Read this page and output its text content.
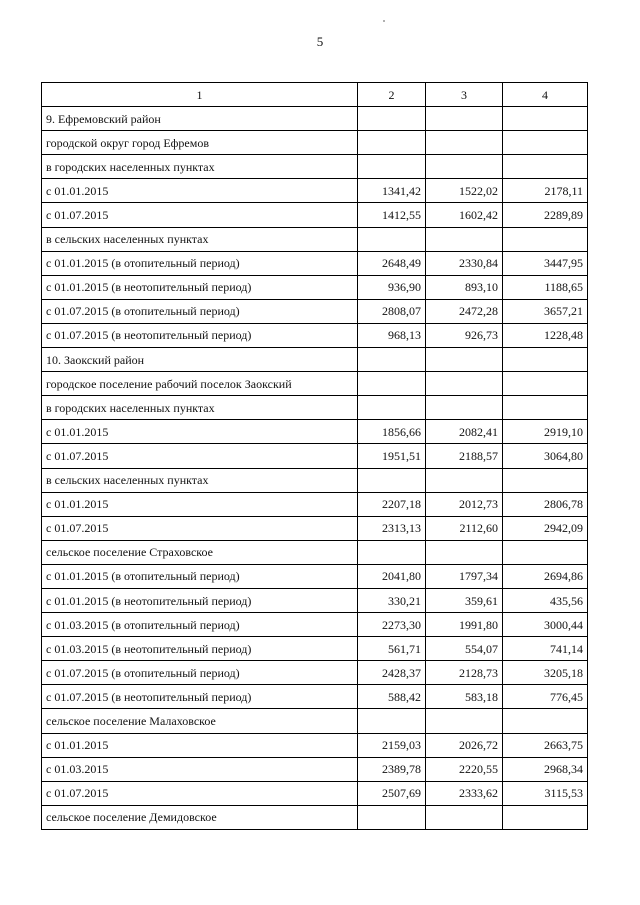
5
1	2	3	4
9. Ефремовский район			
городской округ город Ефремов			
в городских населенных пунктах			
с 01.01.2015	1341,42	1522,02	2178,11
с 01.07.2015	1412,55	1602,42	2289,89
в сельских населенных пунктах			
с 01.01.2015 (в отопительный период)	2648,49	2330,84	3447,95
с 01.01.2015 (в неотопительный период)	936,90	893,10	1188,65
с 01.07.2015 (в отопительный период)	2808,07	2472,28	3657,21
с 01.07.2015 (в неотопительный период)	968,13	926,73	1228,48
10. Заокский район			
городское поселение рабочий поселок Заокский			
в городских населенных пунктах			
с 01.01.2015	1856,66	2082,41	2919,10
с 01.07.2015	1951,51	2188,57	3064,80
в сельских населенных пунктах			
с 01.01.2015	2207,18	2012,73	2806,78
с 01.07.2015	2313,13	2112,60	2942,09
сельское поселение Страховское			
с 01.01.2015 (в отопительный период)	2041,80	1797,34	2694,86
с 01.01.2015 (в неотопительный период)	330,21	359,61	435,56
с 01.03.2015 (в отопительный период)	2273,30	1991,80	3000,44
с 01.03.2015 (в неотопительный период)	561,71	554,07	741,14
с 01.07.2015 (в отопительный период)	2428,37	2128,73	3205,18
с 01.07.2015 (в неотопительный период)	588,42	583,18	776,45
сельское поселение Малаховское			
с 01.01.2015	2159,03	2026,72	2663,75
с 01.03.2015	2389,78	2220,55	2968,34
с 01.07.2015	2507,69	2333,62	3115,53
сельское поселение Демидовское			
